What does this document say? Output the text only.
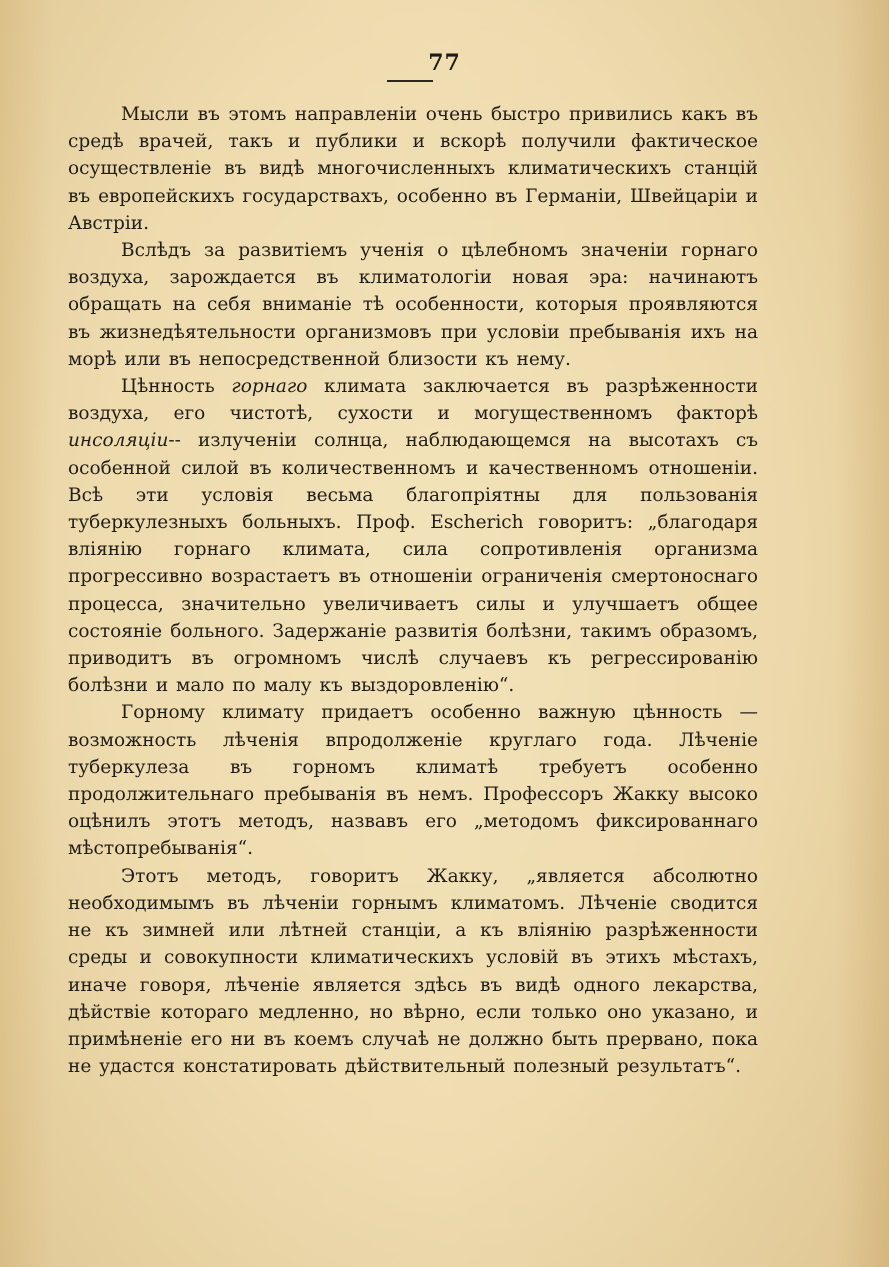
77

Мысли въ этомъ направленіи очень быстро привились какъ въ средѣ врачей, такъ и публики и вскорѣ получили фактическое осуществленіе въ видѣ многочисленныхъ климатическихъ станцій въ европейскихъ государствахъ, особенно въ Германіи, Швейцаріи и Австріи.

Вслѣдъ за развитіемъ ученія о цѣлебномъ значеніи горнаго воздуха, зарождается въ климатологіи новая эра: начинаютъ обращать на себя вниманіе тѣ особенности, которыя проявляются въ жизнедѣятельности организмовъ при условіи пребыванія ихъ на морѣ или въ непосредственной близости къ нему.

Цѣнность горнаго климата заключается въ разрѣженности воздуха, его чистотѣ, сухости и могущественномъ факторѣ инсоляціи-- излученіи солнца, наблюдающемся на высотахъ съ особенной силой въ количественномъ и качественномъ отношеніи. Всѣ эти условія весьма благопріятны для пользованія туберкулезныхъ больныхъ. Проф. Escherich говоритъ: „благодаря вліянію горнаго климата, сила сопротивленія организма прогрессивно возрастаетъ въ отношеніи ограниченія смертоноснаго процесса, значительно увеличиваетъ силы и улучшаетъ общее состояніе больного. Задержаніе развитія болѣзни, такимъ образомъ, приводитъ въ огромномъ числѣ случаевъ къ регрессированію болѣзни и мало по малу къ выздоровленію“.

Горному климату придаетъ особенно важную цѣнность — возможность лѣченія впродолженіе круглаго года. Лѣченіе туберкулеза въ горномъ климатѣ требуетъ особенно продолжительнаго пребыванія въ немъ. Профессоръ Жакку высоко оцѣнилъ этотъ методъ, назвавъ его „методомъ фиксированнаго мѣстопребыванія“.

Этотъ методъ, говоритъ Жакку, „является абсолютно необходимымъ въ лѣченіи горнымъ климатомъ. Лѣченіе сводится не къ зимней или лѣтней станціи, а къ вліянію разрѣженности среды и совокупности климатическихъ условій въ этихъ мѣстахъ, иначе говоря, лѣченіе является здѣсь въ видѣ одного лекарства, дѣйствіе котораго медленно, но вѣрно, если только оно указано, и примѣненіе его ни въ коемъ случаѣ не должно быть прервано, пока не удастся констатировать дѣйствительный полезный результатъ“.
